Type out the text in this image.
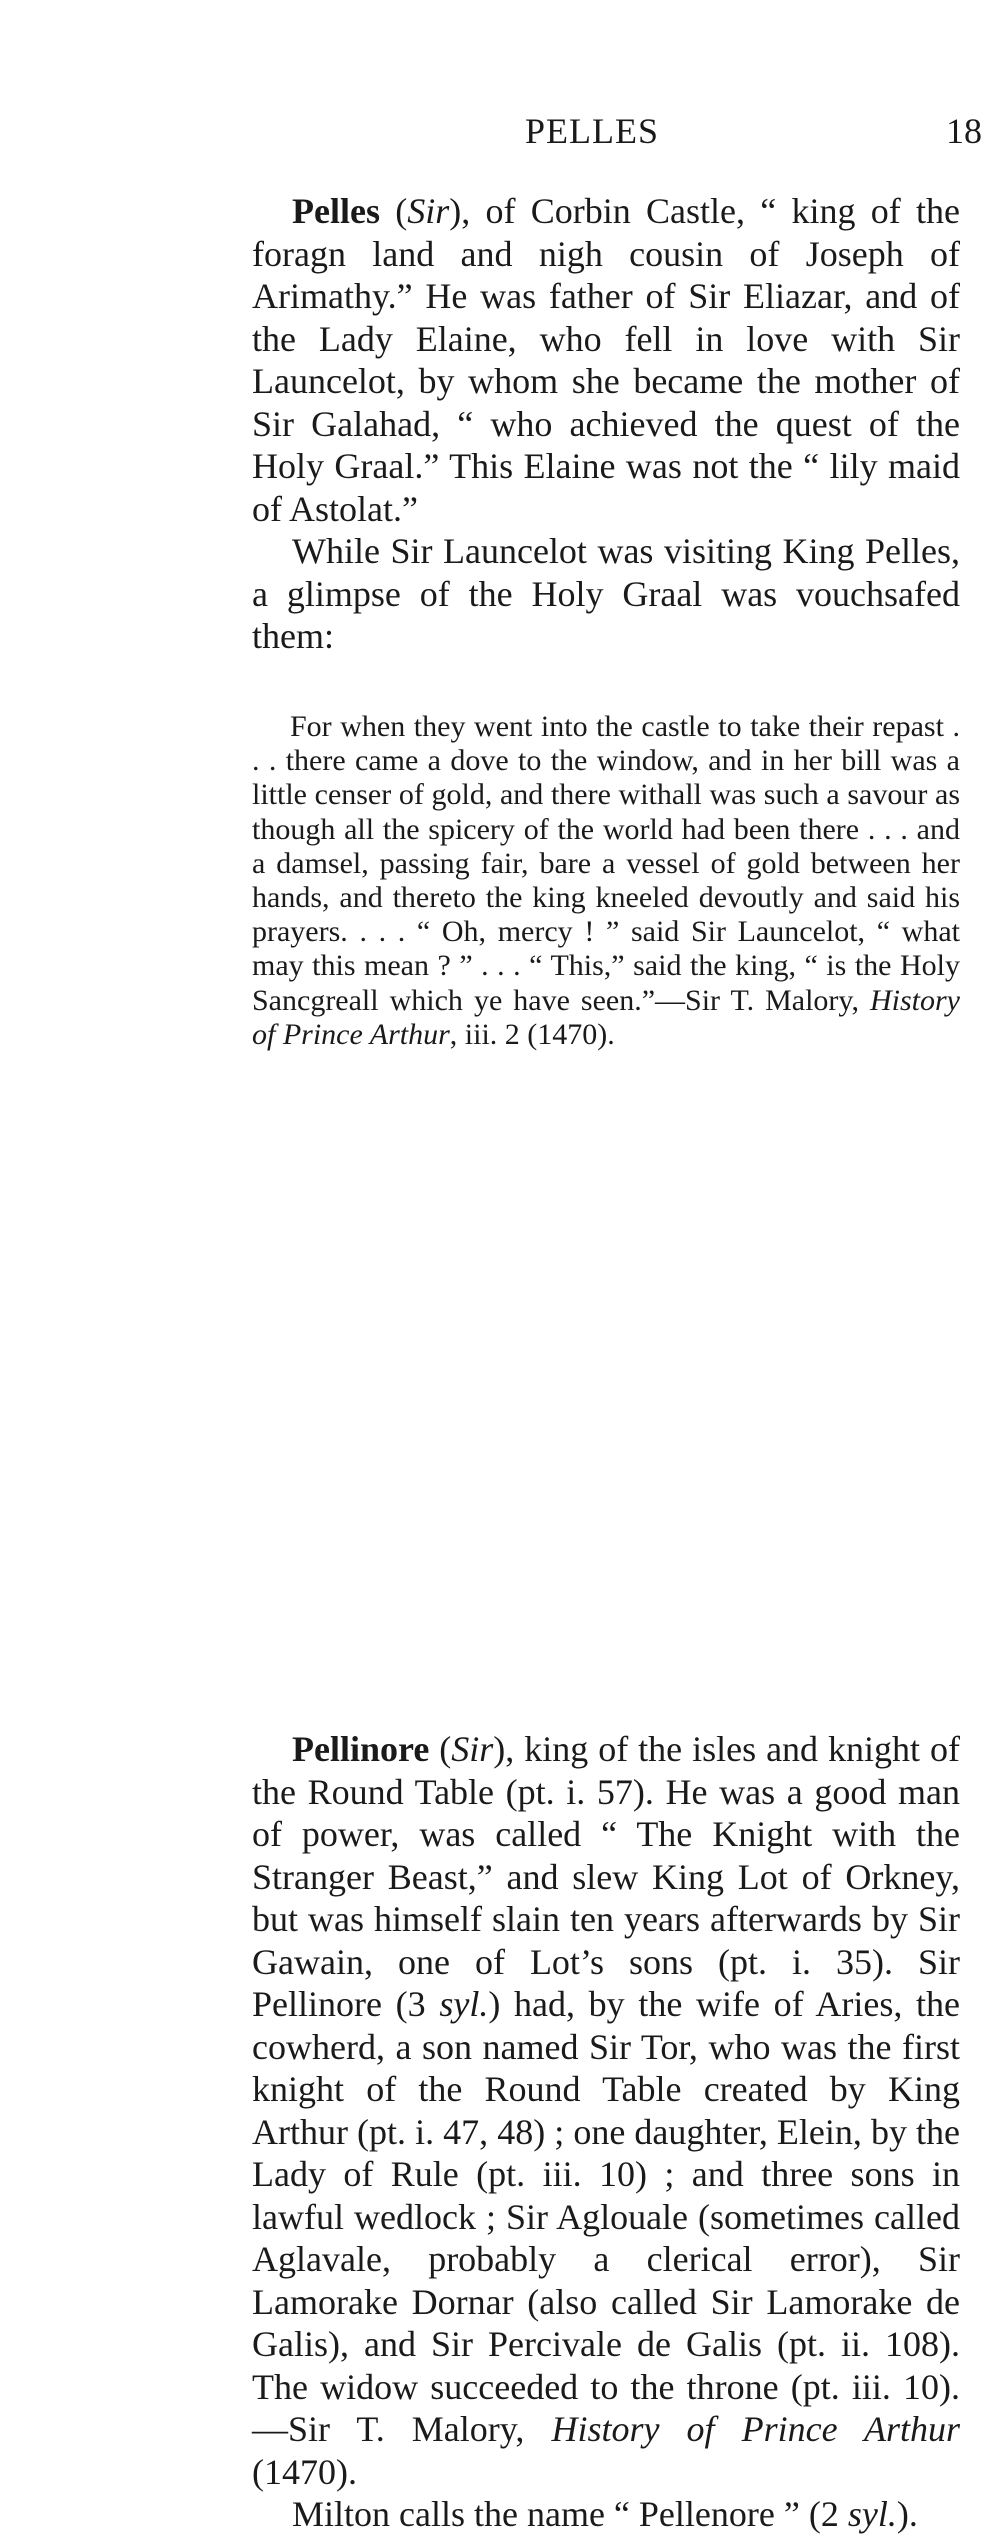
PELLES	18

Pelles (Sir), of Corbin Castle, “ king of the foragn land and nigh cousin of Joseph of Arimathy.” He was father of Sir Eliazar, and of the Lady Elaine, who fell in love with Sir Launcelot, by whom she became the mother of Sir Galahad, “ who achieved the quest of the Holy Graal.” This Elaine was not the “ lily maid of Astolat.”

While Sir Launcelot was visiting King Pelles, a glimpse of the Holy Graal was vouchsafed them:

For when they went into the castle to take their repast . . . there came a dove to the window, and in her bill was a little censer of gold, and there withall was such a savour as though all the spicery of the world had been there . . . and a damsel, passing fair, bare a vessel of gold between her hands, and thereto the king kneeled devoutly and said his prayers. . . . “ Oh, mercy ! ” said Sir Launcelot, “ what may this mean ? ” . . . “ This,” said the king, “ is the Holy Sancgreall which ye have seen.”—Sir T. Malory, History of Prince Arthur, iii. 2 (1470).

Pellinore (Sir), king of the isles and knight of the Round Table (pt. i. 57). He was a good man of power, was called “ The Knight with the Stranger Beast,” and slew King Lot of Orkney, but was himself slain ten years afterwards by Sir Gawain, one of Lot’s sons (pt. i. 35). Sir Pellinore (3 syl.) had, by the wife of Aries, the cowherd, a son named Sir Tor, who was the first knight of the Round Table created by King Arthur (pt. i. 47, 48) ; one daughter, Elein, by the Lady of Rule (pt. iii. 10) ; and three sons in lawful wedlock ; Sir Aglouale (sometimes called Aglavale, probably a clerical error), Sir Lamorake Dornar (also called Sir Lamorake de Galis), and Sir Percivale de Galis (pt. ii. 108). The widow succeeded to the throne (pt. iii. 10).—Sir T. Malory, History of Prince Arthur (1470).

Milton calls the name “ Pellenore ” (2 syl.).
